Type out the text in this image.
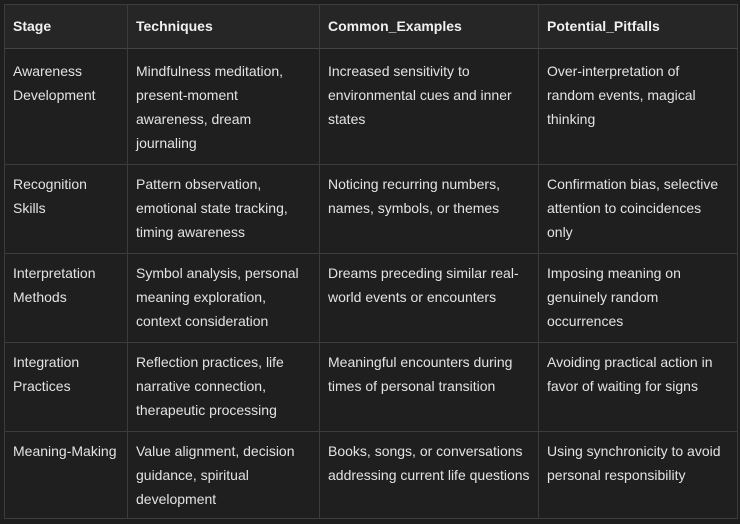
Stage	Techniques	Common_Examples	Potential_Pitfalls
Awareness Development	Mindfulness meditation, present-moment awareness, dream journaling	Increased sensitivity to environmental cues and inner states	Over-interpretation of random events, magical thinking
Recognition Skills	Pattern observation, emotional state tracking, timing awareness	Noticing recurring numbers, names, symbols, or themes	Confirmation bias, selective attention to coincidences only
Interpretation Methods	Symbol analysis, personal meaning exploration, context consideration	Dreams preceding similar real-world events or encounters	Imposing meaning on genuinely random occurrences
Integration Practices	Reflection practices, life narrative connection, therapeutic processing	Meaningful encounters during times of personal transition	Avoiding practical action in favor of waiting for signs
Meaning-Making	Value alignment, decision guidance, spiritual development	Books, songs, or conversations addressing current life questions	Using synchronicity to avoid personal responsibility
